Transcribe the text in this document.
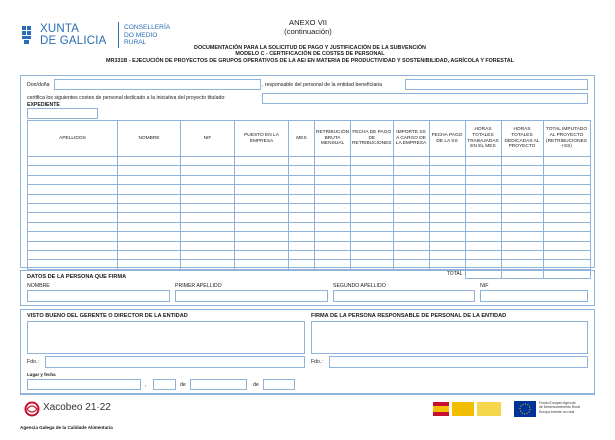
XUNTA
DE GALICIA
CONSELLERÍA
DO MEDIO
RURAL
ANEXO VII
(continuación)
DOCUMENTACIÓN PARA LA SOLICITUD DE PAGO Y JUSTIFICACIÓN DE LA SUBVENCIÓN
MODELO C - CERTIFICACIÓN DE COSTES DE PERSONAL
MR331B - EJECUCIÓN DE PROYECTOS DE GRUPOS OPERATIVOS DE LA AEI EN MATERIA DE PRODUCTIVIDAD Y SOSTENIBILIDAD, AGRÍCOLA Y FORESTAL
Don/doña	, responsable del personal de la entidad beneficiaria
certifica los siguientes costes de personal dedicado a la iniciativa del proyecto titulado:
EXPEDIENTE
APELLIDOS	NOMBRE	NIF	PUESTO EN LA EMPRESA	MES	RETRIBUCIÓN BRUTA MENSUAL	FECHA DE PAGO DE RETRIBUCIONES	IMPORTE SS A CARGO DE LA EMPRESA	FECHA PAGO DE LA SS	HORAS TOTALES TRABAJADAS EN EL MES	HORAS TOTALES DEDICADAS AL PROYECTO	TOTAL IMPUTADO AL PROYECTO (RETRIBUCIONES +SS)

								TOTAL			
DATOS DE LA PERSONA QUE FIRMA
NOMBRE	PRIMER APELLIDO	SEGUNDO APELLIDO	NIF
VISTO BUENO DEL GERENTE O DIRECTOR DE LA ENTIDAD	FIRMA DE LA PERSONA RESPONSABLE DE PERSONAL DE LA ENTIDAD
Fdo.:	Fdo.:
Lugar y fecha
,	de	de
Xacobeo 21·22
Agencia Galega de la Calidade Alimentaria
Fondo Europeo Agrícola
de Desenvolvemento Rural
Europa invierte no rural
